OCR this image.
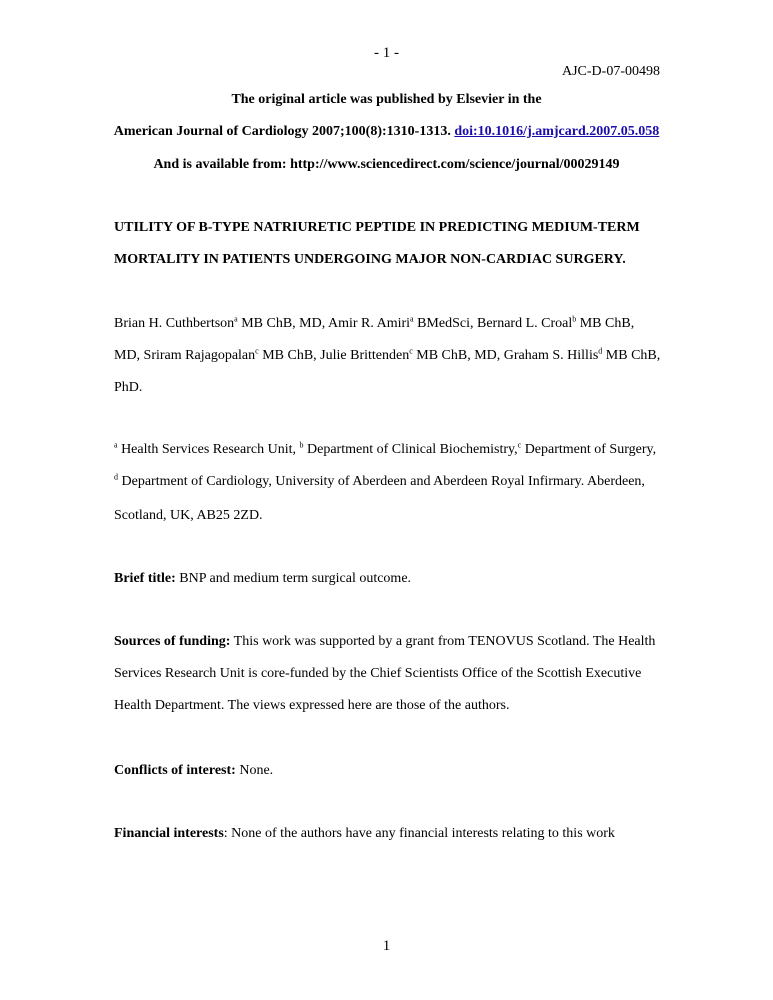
- 1 -
AJC-D-07-00498
The original article was published by Elsevier in the
American Journal of Cardiology 2007;100(8):1310-1313. doi:10.1016/j.amjcard.2007.05.058
And is available from: http://www.sciencedirect.com/science/journal/00029149
UTILITY OF B-TYPE NATRIURETIC PEPTIDE IN PREDICTING MEDIUM-TERM
MORTALITY IN PATIENTS UNDERGOING MAJOR NON-CARDIAC SURGERY.
Brian H. Cuthbertson$^a$ MB ChB, MD, Amir R. Amiri$^a$ BMedSci, Bernard L. Croal$^b$ MB ChB,
MD, Sriram Rajagopalan$^c$ MB ChB, Julie Brittenden$^c$ MB ChB, MD, Graham S. Hillis$^d$ MB ChB,
PhD.
$^a$ Health Services Research Unit, $^b$ Department of Clinical Biochemistry,$^c$ Department of Surgery,
$^d$ Department of Cardiology, University of Aberdeen and Aberdeen Royal Infirmary. Aberdeen,
Scotland, UK, AB25 2ZD.
Brief title: BNP and medium term surgical outcome.
Sources of funding: This work was supported by a grant from TENOVUS Scotland. The Health
Services Research Unit is core-funded by the Chief Scientists Office of the Scottish Executive
Health Department. The views expressed here are those of the authors.
Conflicts of interest: None.
Financial interests: None of the authors have any financial interests relating to this work
1
